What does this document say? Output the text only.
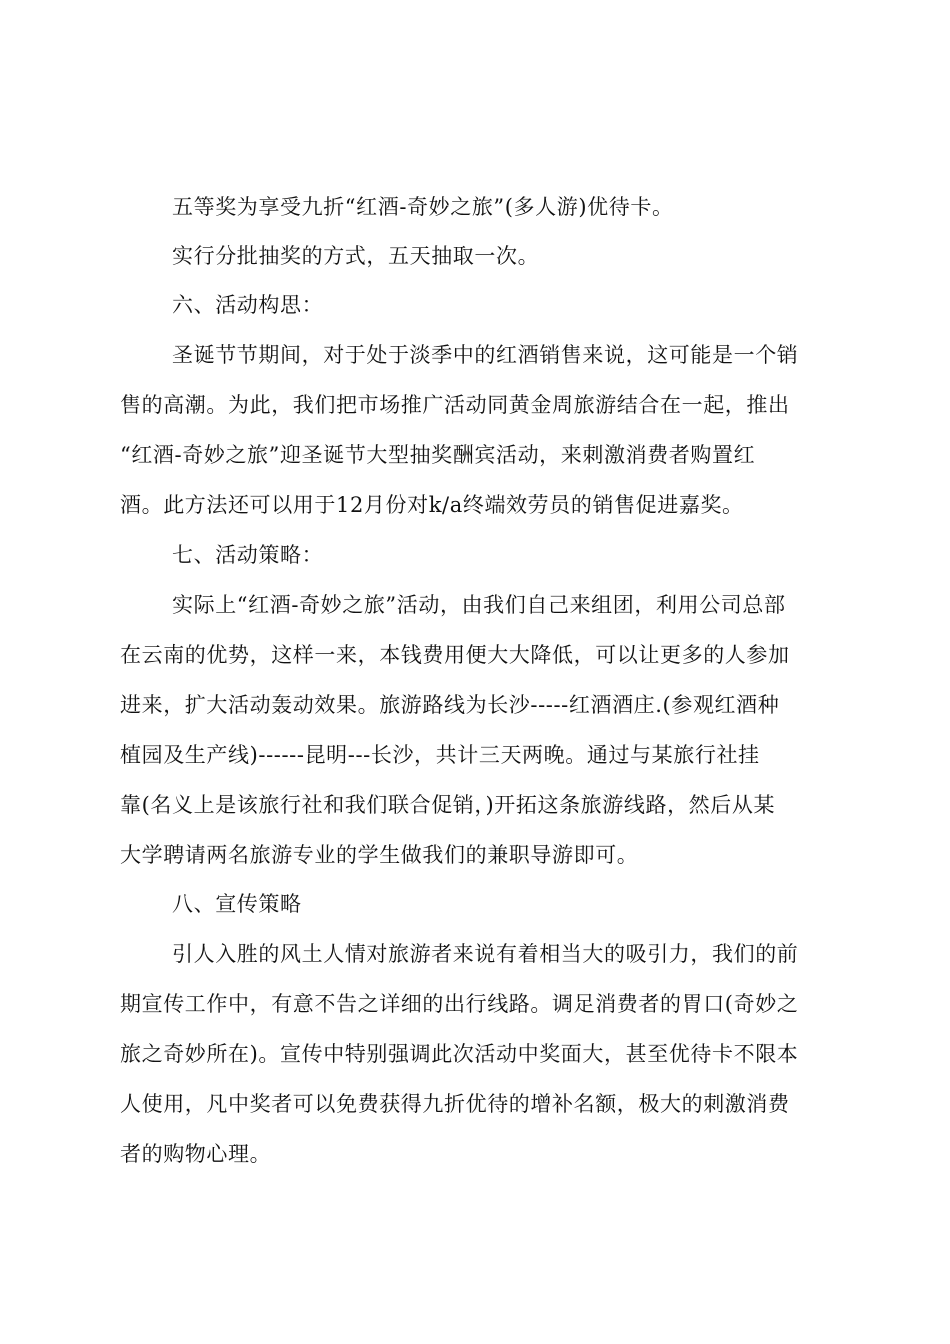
五等奖为享受九折“红酒-奇妙之旅”(多人游)优待卡。
实行分批抽奖的方式，五天抽取一次。
六、活动构思：
圣诞节节期间，对于处于淡季中的红酒销售来说，这可能是一个销
售的高潮。为此，我们把市场推广活动同黄金周旅游结合在一起，推出
“红酒-奇妙之旅”迎圣诞节大型抽奖酬宾活动，来刺激消费者购置红
酒。此方法还可以用于12月份对k/a终端效劳员的销售促进嘉奖。
七、活动策略：
实际上“红酒-奇妙之旅”活动，由我们自己来组团，利用公司总部
在云南的优势，这样一来，本钱费用便大大降低，可以让更多的人参加
进来，扩大活动轰动效果。旅游路线为长沙-----红酒酒庄.(参观红酒种
植园及生产线)------昆明---长沙，共计三天两晚。通过与某旅行社挂
靠(名义上是该旅行社和我们联合促销，)开拓这条旅游线路，然后从某
大学聘请两名旅游专业的学生做我们的兼职导游即可。
八、宣传策略
引人入胜的风土人情对旅游者来说有着相当大的吸引力，我们的前
期宣传工作中，有意不告之详细的出行线路。调足消费者的胃口(奇妙之
旅之奇妙所在)。宣传中特别强调此次活动中奖面大，甚至优待卡不限本
人使用，凡中奖者可以免费获得九折优待的增补名额，极大的刺激消费
者的购物心理。
